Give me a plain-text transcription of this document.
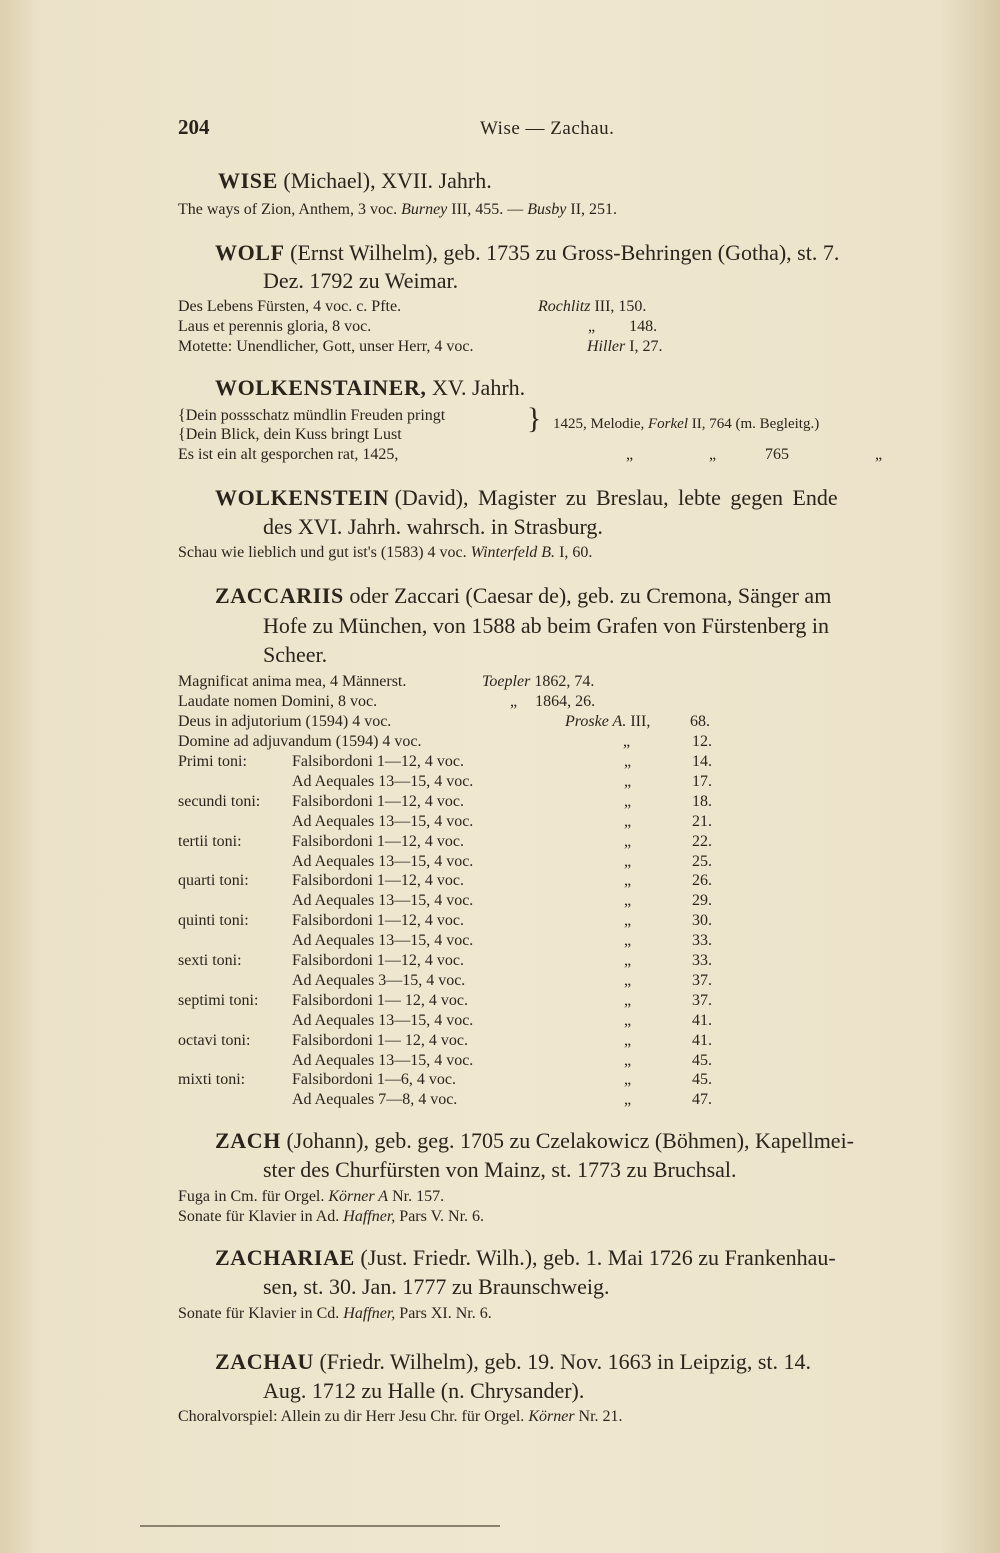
204	Wise — Zachau.
WISE (Michael), XVII. Jahrh.
The ways of Zion, Anthem, 3 voc. Burney III, 455. — Busby II, 251.
WOLF (Ernst Wilhelm), geb. 1735 zu Gross-Behringen (Gotha), st. 7.
Dez. 1792 zu Weimar.
Des Lebens Fürsten, 4 voc. c. Pfte.	Rochlitz III, 150.
Laus et perennis gloria, 8 voc.	„ 148.
Motette: Unendlicher, Gott, unser Herr, 4 voc.	Hiller I, 27.
WOLKENSTAINER, XV. Jahrh.
{Dein possschatz mündlin Freuden pringt
{Dein Blick, dein Kuss bringt Lust	} 1425, Melodie, Forkel II, 764 (m. Begleitg.)
Es ist ein alt gesporchen rat, 1425,	„	„	765	„
WOLKENSTEIN (David), Magister zu Breslau, lebte gegen Ende
des XVI. Jahrh. wahrsch. in Strasburg.
Schau wie lieblich und gut ist's (1583) 4 voc. Winterfeld B. I, 60.
ZACCARIIS oder Zaccari (Caesar de), geb. zu Cremona, Sänger am
Hofe zu München, von 1588 ab beim Grafen von Fürstenberg in
Scheer.
Magnificat anima mea, 4 Männerst.	Toepler 1862, 74.
Laudate nomen Domini, 8 voc.	„ 1864, 26.
Deus in adjutorium (1594) 4 voc.	Proske A. III, 68.
Domine ad adjuvandum (1594) 4 voc.	„	12.
Primi toni:	Falsibordoni 1—12, 4 voc.	„	14.
Ad Aequales 13—15, 4 voc.	„	17.
secundi toni: Falsibordoni 1—12, 4 voc.	„	18.
Ad Aequales 13—15, 4 voc.	„	21.
tertii toni:	Falsibordoni 1—12, 4 voc.	„	22.
Ad Aequales 13—15, 4 voc.	„	25.
quarti toni:	Falsibordoni 1—12, 4 voc.	„	26.
Ad Aequales 13—15, 4 voc.	„	29.
quinti toni:	Falsibordoni 1—12, 4 voc.	„	30.
Ad Aequales 13—15, 4 voc.	„	33.
sexti toni:	Falsibordoni 1—12, 4 voc.	„	33.
Ad Aequales 3—15, 4 voc.	„	37.
septimi toni: Falsibordoni 1— 12, 4 voc.	„	37.
Ad Aequales 13—15, 4 voc.	„	41.
octavi toni:	Falsibordoni 1— 12, 4 voc.	„	41.
Ad Aequales 13—15, 4 voc.	„	45.
mixti toni:	Falsibordoni 1—6, 4 voc.	„	45.
Ad Aequales 7—8, 4 voc.	„	47.
ZACH (Johann), geb. geg. 1705 zu Czelakowicz (Böhmen), Kapellmei-
ster des Churfürsten von Mainz, st. 1773 zu Bruchsal.
Fuga in Cm. für Orgel. Körner A Nr. 157.
Sonate für Klavier in Ad. Haffner, Pars V. Nr. 6.
ZACHARIAE (Just. Friedr. Wilh.), geb. 1. Mai 1726 zu Frankenhau-
sen, st. 30. Jan. 1777 zu Braunschweig.
Sonate für Klavier in Cd. Haffner, Pars XI. Nr. 6.
ZACHAU (Friedr. Wilhelm), geb. 19. Nov. 1663 in Leipzig, st. 14.
Aug. 1712 zu Halle (n. Chrysander).
Choralvorspiel: Allein zu dir Herr Jesu Chr. für Orgel. Körner Nr. 21.
